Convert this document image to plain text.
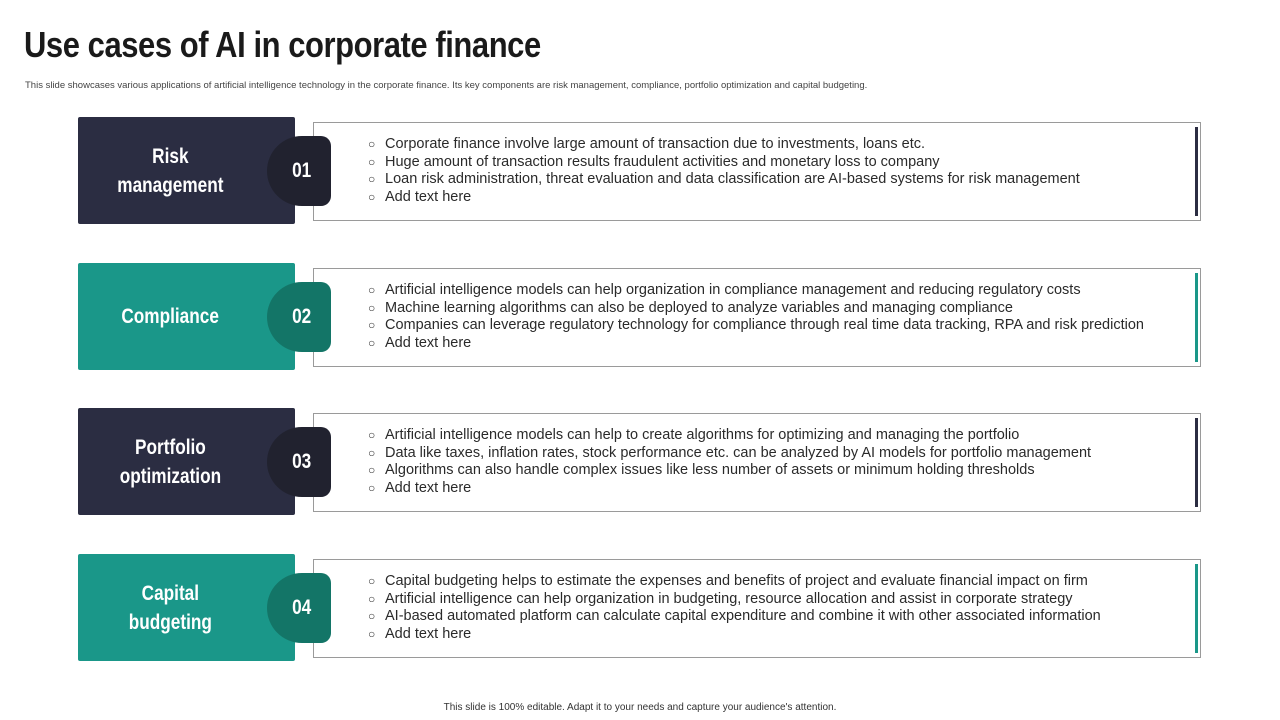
Use cases of AI in corporate finance
This slide showcases various applications of artificial intelligence technology in the corporate finance. Its key components are risk management, compliance, portfolio optimization and capital budgeting.
Risk
management
01
○ Corporate finance involve large amount of transaction due to investments, loans etc.
○ Huge amount of transaction results fraudulent activities and monetary loss to company
○ Loan risk administration, threat evaluation and data classification are AI-based systems for risk management
○ Add text here
Compliance	02
○ Artificial intelligence models can help organization in compliance management and reducing regulatory costs
○ Machine learning algorithms can also be deployed to analyze variables and managing compliance
○ Companies can leverage regulatory technology for compliance through real time data tracking, RPA and risk prediction
○ Add text here
Portfolio
optimization
03
○ Artificial intelligence models can help to create algorithms for optimizing and managing the portfolio
○ Data like taxes, inflation rates, stock performance etc. can be analyzed by AI models for portfolio management
○ Algorithms can also handle complex issues like less number of assets or minimum holding thresholds
○ Add text here
Capital
budgeting
04
○ Capital budgeting helps to estimate the expenses and benefits of project and evaluate financial impact on firm
○ Artificial intelligence can help organization in budgeting, resource allocation and assist in corporate strategy
○ AI-based automated platform can calculate capital expenditure and combine it with other associated information
○ Add text here
This slide is 100% editable. Adapt it to your needs and capture your audience's attention.
